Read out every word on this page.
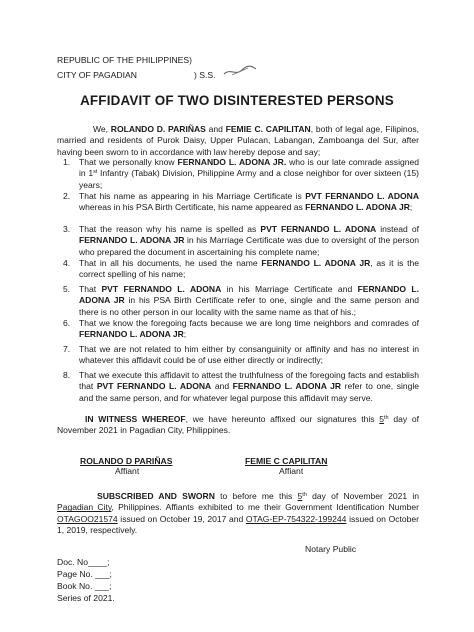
REPUBLIC OF THE PHILIPPINES)
CITY OF PAGADIAN	) S.S.
AFFIDAVIT OF TWO DISINTERESTED PERSONS
We, ROLANDO D. PARIÑAS and FEMIE C. CAPILITAN, both of legal age, Filipinos, married and residents of Purok Daisy, Upper Pulacan, Labangan, Zamboanga del Sur, after having been sworn to in accordance with law hereby depose and say;
1. That we personally know FERNANDO L. ADONA JR. who is our late comrade assigned in 1st Infantry (Tabak) Division, Philippine Army and a close neighbor for over sixteen (15) years;
2. That his name as appearing in his Marriage Certificate is PVT FERNANDO L. ADONA whereas in his PSA Birth Certificate, his name appeared as FERNANDO L. ADONA JR;
3. That the reason why his name is spelled as PVT FERNANDO L. ADONA instead of FERNANDO L. ADONA JR in his Marriage Certificate was due to oversight of the person who prepared the document in ascertaining his complete name;
4. That in all his documents, he used the name FERNANDO L. ADONA JR, as it is the correct spelling of his name;
5. That PVT FERNANDO L. ADONA in his Marriage Certificate and FERNANDO L. ADONA JR in his PSA Birth Certificate refer to one, single and the same person and there is no other person in our locality with the same name as that of his.;
6. That we know the foregoing facts because we are long time neighbors and comrades of FERNANDO L. ADONA JR;
7. That we are not related to him either by consanguinity or affinity and has no interest in whatever this affidavit could be of use either directly or indirectly;
8. That we execute this affidavit to attest the truthfulness of the foregoing facts and establish that PVT FERNANDO L. ADONA and FERNANDO L. ADONA JR refer to one, single and the same person, and for whatever legal purpose this affidavit may serve.
IN WITNESS WHEREOF, we have hereunto affixed our signatures this 5th day of November 2021 in Pagadian City, Philippines.
ROLANDO D PARIÑAS
Affiant
FEMIE C CAPILITAN
Affiant
SUBSCRIBED AND SWORN to before me this 5th day of November 2021 in Pagadian City, Philippines. Affiants exhibited to me their Government Identification Number OTAGOO21574 issued on October 19, 2017 and OTAG-EP-754322-199244 issued on October 1, 2019, respectively.
Notary Public
Doc. No____;
Page No. ___;
Book No. ___;
Series of 2021.
